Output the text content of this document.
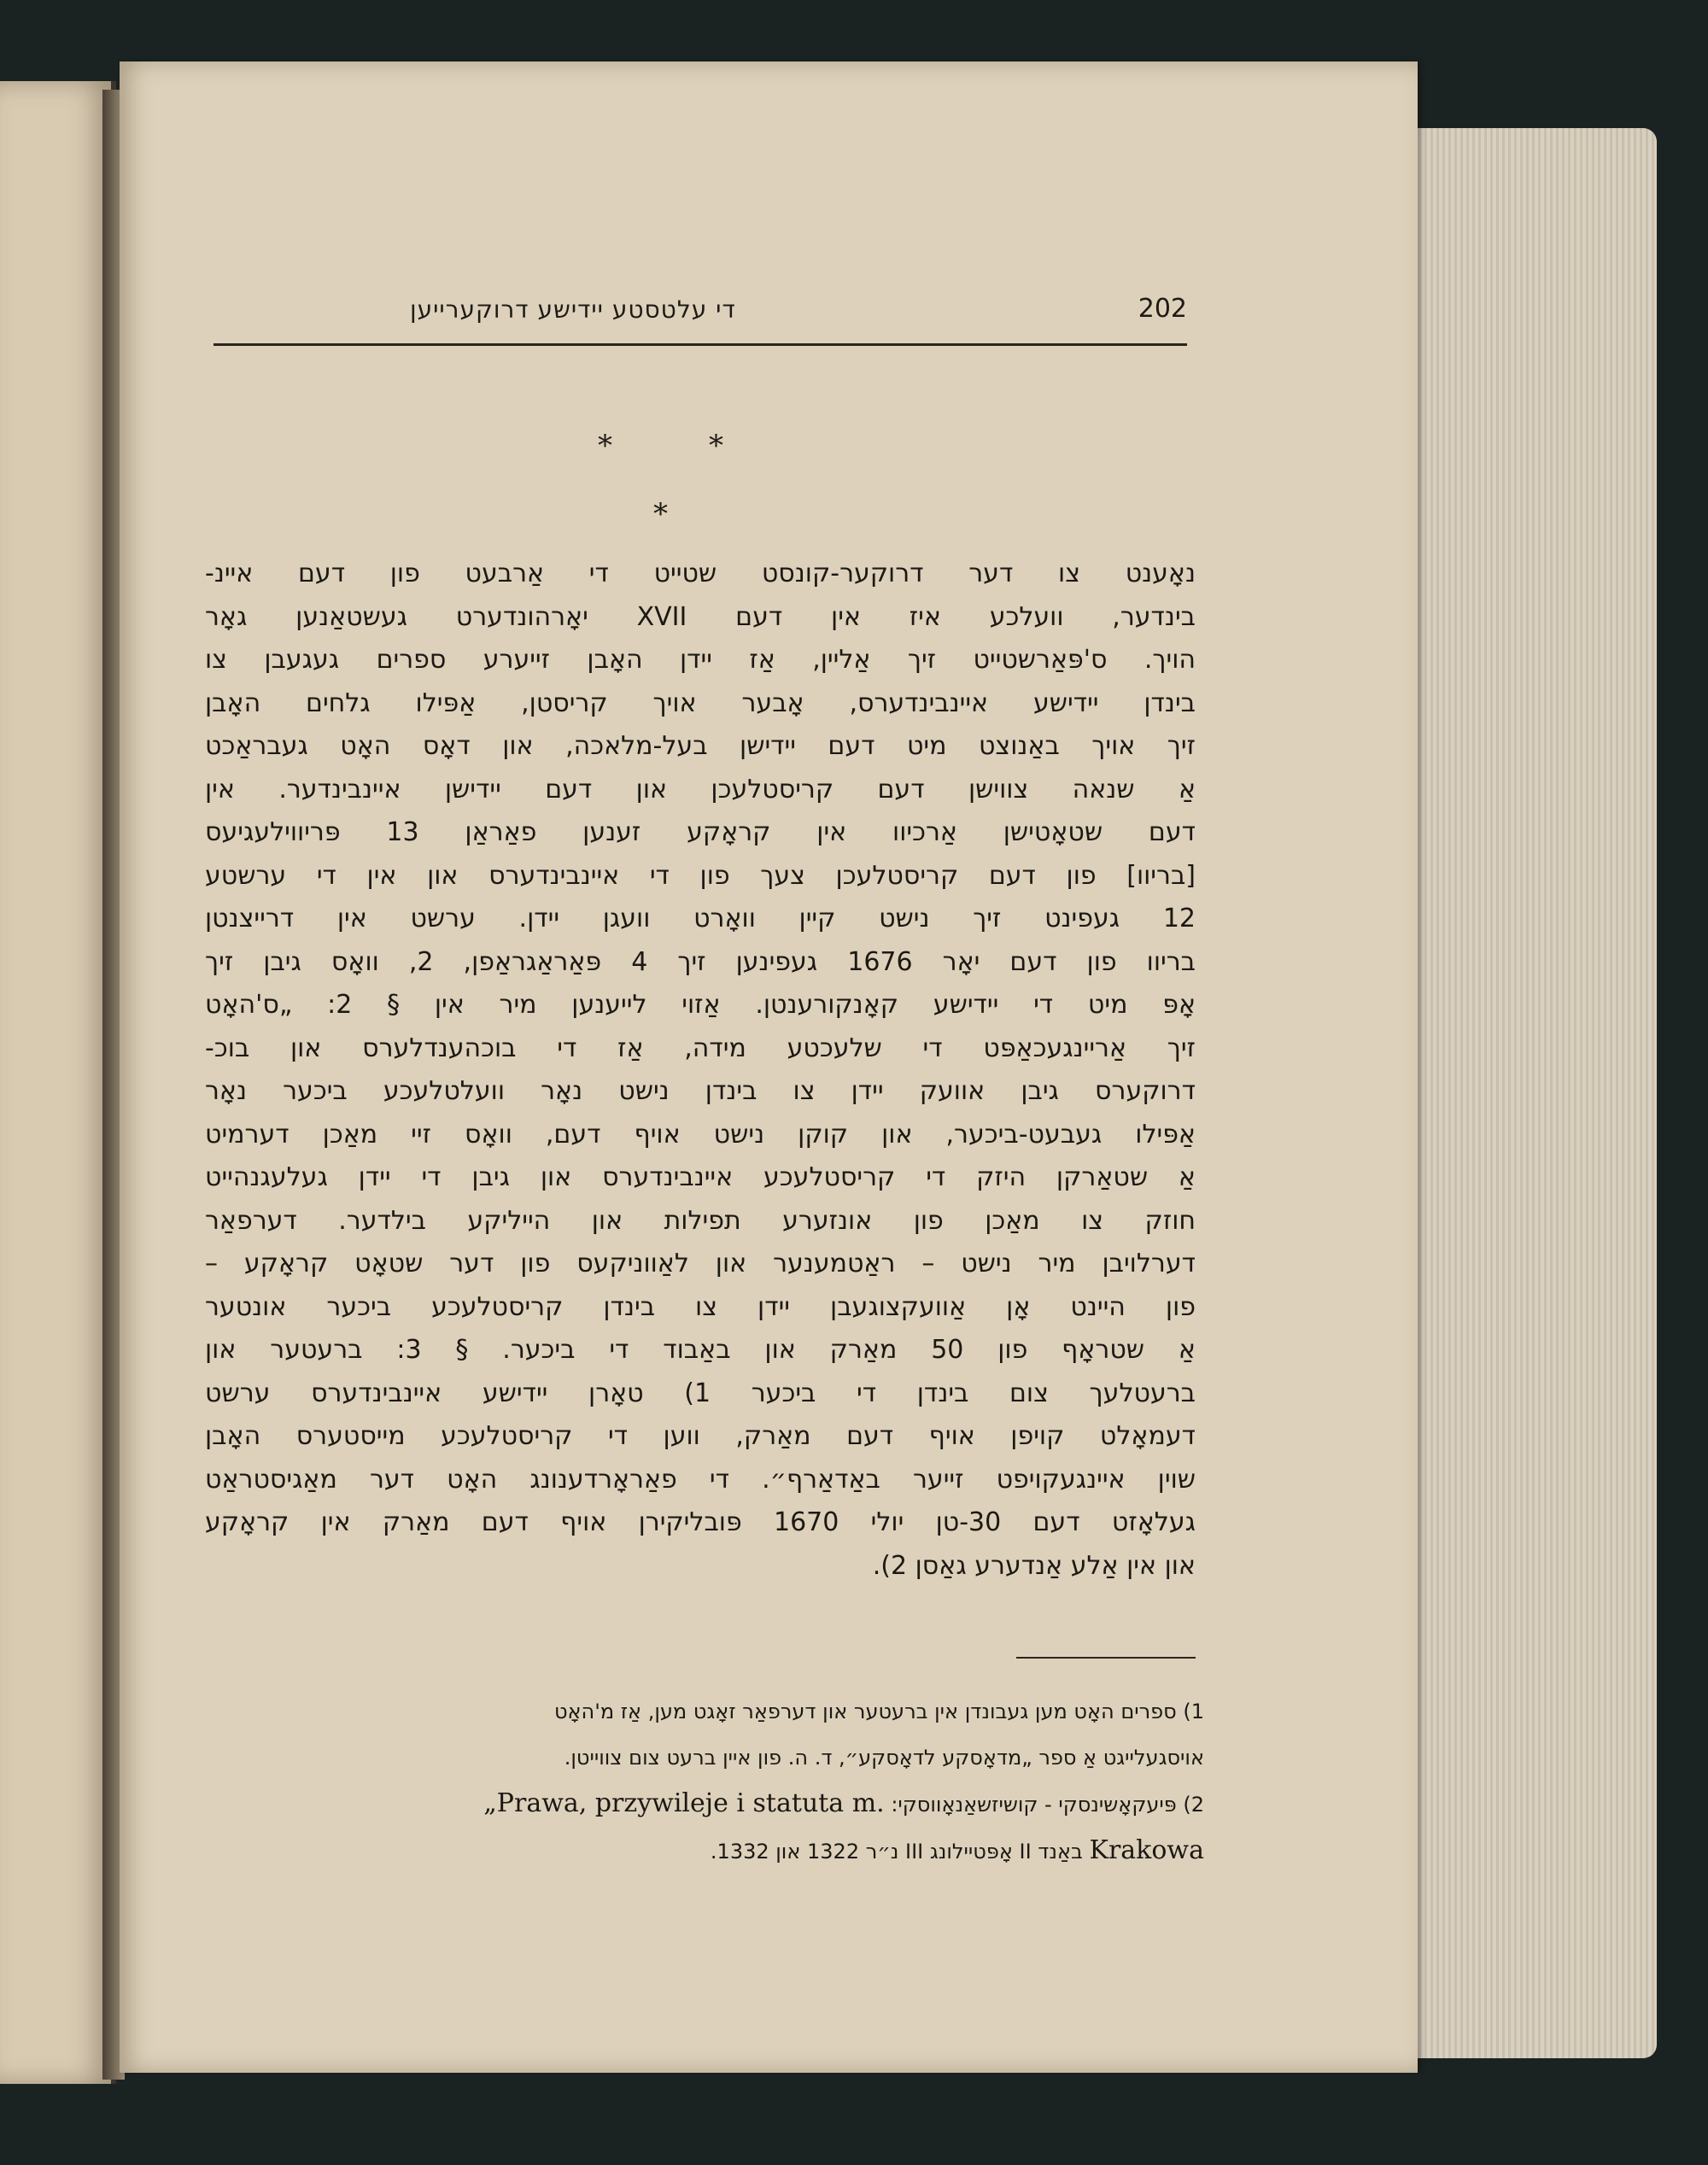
די עלטסטע יידישע דרוקערייען	202
*	*
*
נאָענט צו דער דרוקער-קונסט שטייט די אַרבעט פון דעם איינ-
בינדער, וועלכע איז אין דעם XVII יאָרהונדערט געשטאַנען גאָר
הויך. ס'פּאַרשטייט זיך אַליין, אַז יידן האָבן זייערע ספרים געגעבן צו
בינדן יידישע איינבינדערס, אָבער אויך קריסטן, אַפּילו גלחים האָבן
זיך אויך באַנוצט מיט דעם יידישן בעל-מלאכה, און דאָס האָט געבראַכט
אַ שנאה צווישן דעם קריסטלעכן און דעם יידישן איינבינדער. אין
דעם שטאָטישן אַרכיוו אין קראָקע זענען פאַראַן 13 פּריווילעגיעס
[בריוו] פון דעם קריסטלעכן צעך פון די איינבינדערס און אין די ערשטע
12 געפינט זיך נישט קיין וואָרט וועגן יידן. ערשט אין דרייצנטן
בריוו פון דעם יאָר 1676 געפינען זיך 4 פּאַראַגראַפן, 2, וואָס גיבן זיך
אָפּ מיט די יידישע קאָנקורענטן. אַזוי לייענען מיר אין § 2: „ס'האָט
זיך אַריינגעכאַפּט די שלעכטע מידה, אַז די בוכהענדלערס און בוכ-
דרוקערס גיבן אוועק יידן צו בינדן נישט נאָר וועלטלעכע ביכער נאָר
אַפּילו געבעט-ביכער, און קוקן נישט אויף דעם, וואָס זיי מאַכן דערמיט
אַ שטאַרקן היזק די קריסטלעכע איינבינדערס און גיבן די יידן געלעגנהייט
חוזק צו מאַכן פון אונזערע תפילות און הייליקע בילדער. דערפאַר
דערלויבן מיר נישט – ראַטמענער און לאַווניקעס פון דער שטאָט קראָקע –
פון היינט אָן אַוועקצוגעבן יידן צו בינדן קריסטלעכע ביכער אונטער
אַ שטראָף פון 50 מאַרק און באַבוד די ביכער. § 3: ברעטער און
ברעטלעך צום בינדן די ביכער 1) טאָרן יידישע איינבינדערס ערשט
דעמאָלט קויפן אויף דעם מאַרק, ווען די קריסטלעכע מייסטערס האָבן
שוין איינגעקויפט זייער באַדאַרף״. די פאַראָרדענונג האָט דער מאַגיסטראַט
געלאָזט דעם 30-טן יולי 1670 פּובליקירן אויף דעם מאַרק אין קראָקע
און אין אַלע אַנדערע גאַסן 2).
1) ספרים האָט מען געבונדן אין ברעטער און דערפאַר זאָגט מען, אַז מ'האָט
אויסגעלייגט אַ ספר „מדאָסקע לדאָסקע״, ד. ה. פון איין ברעט צום צווייטן.
2) פּיעקאָשינסקי - קושיזשאַנאָווסקי: „Prawa, przywileje i statuta m.
Krakowa באַנד II אָפּטיילונג III נ״ר 1322 און 1332.
